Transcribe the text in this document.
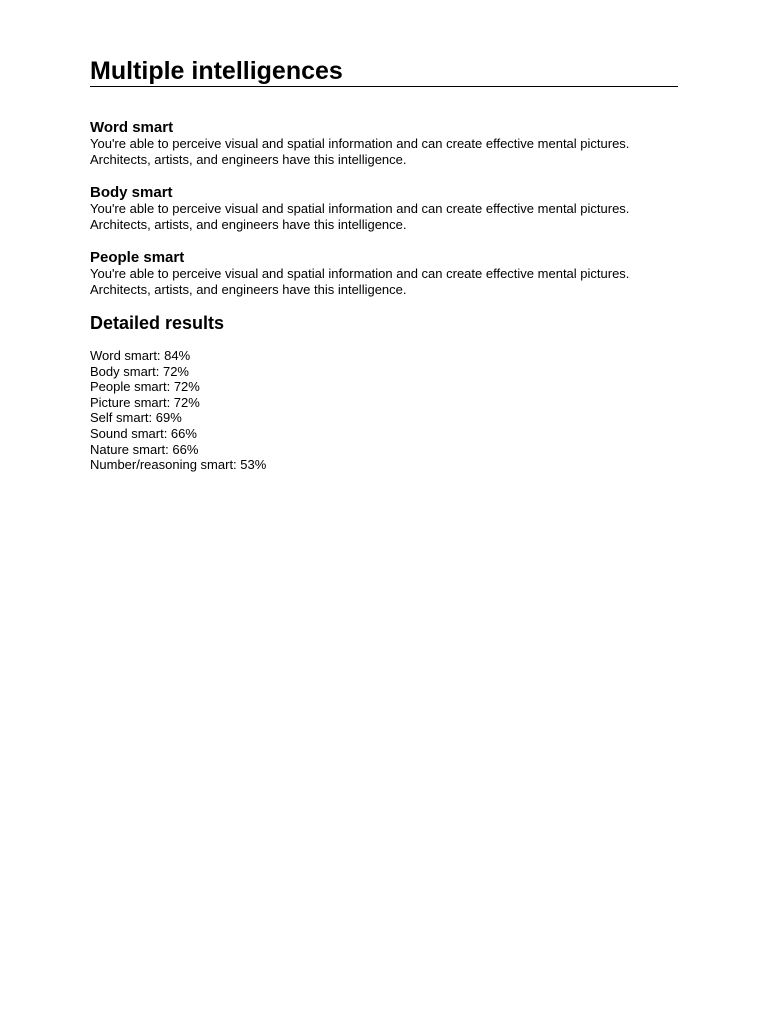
Multiple intelligences
Word smart

You're able to perceive visual and spatial information and can create effective mental pictures.
Architects, artists, and engineers have this intelligence.

Body smart

You're able to perceive visual and spatial information and can create effective mental pictures.
Architects, artists, and engineers have this intelligence.

People smart

You're able to perceive visual and spatial information and can create effective mental pictures.
Architects, artists, and engineers have this intelligence.

Detailed results
Word smart: 84%
Body smart: 72%
People smart: 72%
Picture smart: 72%
Self smart: 69%
Sound smart: 66%
Nature smart: 66%
Number/reasoning smart: 53%
